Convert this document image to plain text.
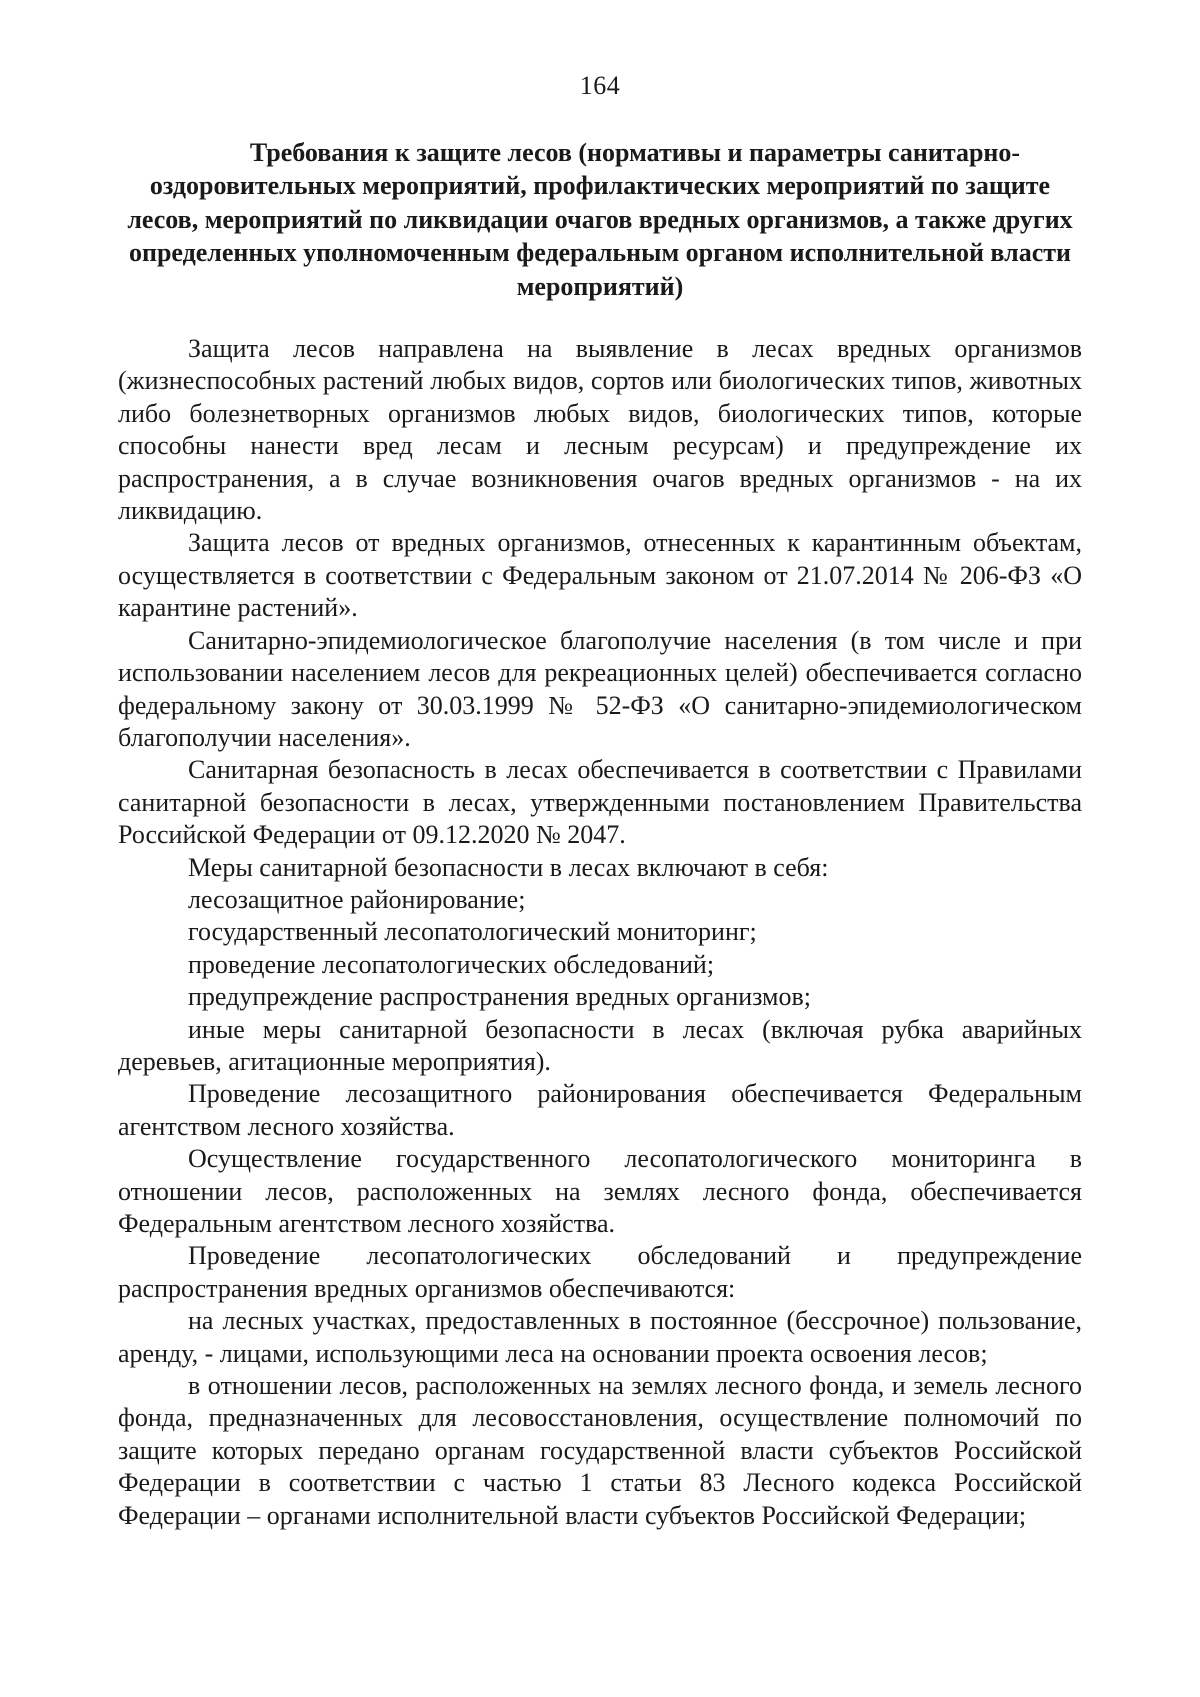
164
Требования к защите лесов (нормативы и параметры санитарно-оздоровительных мероприятий, профилактических мероприятий по защите лесов, мероприятий по ликвидации очагов вредных организмов, а также других определенных уполномоченным федеральным органом исполнительной власти мероприятий)

Защита лесов направлена на выявление в лесах вредных организмов (жизнеспособных растений любых видов, сортов или биологических типов, животных либо болезнетворных организмов любых видов, биологических типов, которые способны нанести вред лесам и лесным ресурсам) и предупреждение их распространения, а в случае возникновения очагов вредных организмов - на их ликвидацию.

Защита лесов от вредных организмов, отнесенных к карантинным объектам, осуществляется в соответствии с Федеральным законом от 21.07.2014 № 206-ФЗ «О карантине растений».

Санитарно-эпидемиологическое благополучие населения (в том числе и при использовании населением лесов для рекреационных целей) обеспечивается согласно федеральному закону от 30.03.1999 № 52-ФЗ «О санитарно-эпидемиологическом благополучии населения».

Санитарная безопасность в лесах обеспечивается в соответствии с Правилами санитарной безопасности в лесах, утвержденными постановлением Правительства Российской Федерации от 09.12.2020 № 2047.

Меры санитарной безопасности в лесах включают в себя:

лесозащитное районирование;

государственный лесопатологический мониторинг;

проведение лесопатологических обследований;

предупреждение распространения вредных организмов;

иные меры санитарной безопасности в лесах (включая рубка аварийных деревьев, агитационные мероприятия).

Проведение лесозащитного районирования обеспечивается Федеральным агентством лесного хозяйства.

Осуществление государственного лесопатологического мониторинга в отношении лесов, расположенных на землях лесного фонда, обеспечивается Федеральным агентством лесного хозяйства.

Проведение лесопатологических обследований и предупреждение распространения вредных организмов обеспечиваются:

на лесных участках, предоставленных в постоянное (бессрочное) пользование, аренду, - лицами, использующими леса на основании проекта освоения лесов;

в отношении лесов, расположенных на землях лесного фонда, и земель лесного фонда, предназначенных для лесовосстановления, осуществление полномочий по защите которых передано органам государственной власти субъектов Российской Федерации в соответствии с частью 1 статьи 83 Лесного кодекса Российской Федерации – органами исполнительной власти субъектов Российской Федерации;
